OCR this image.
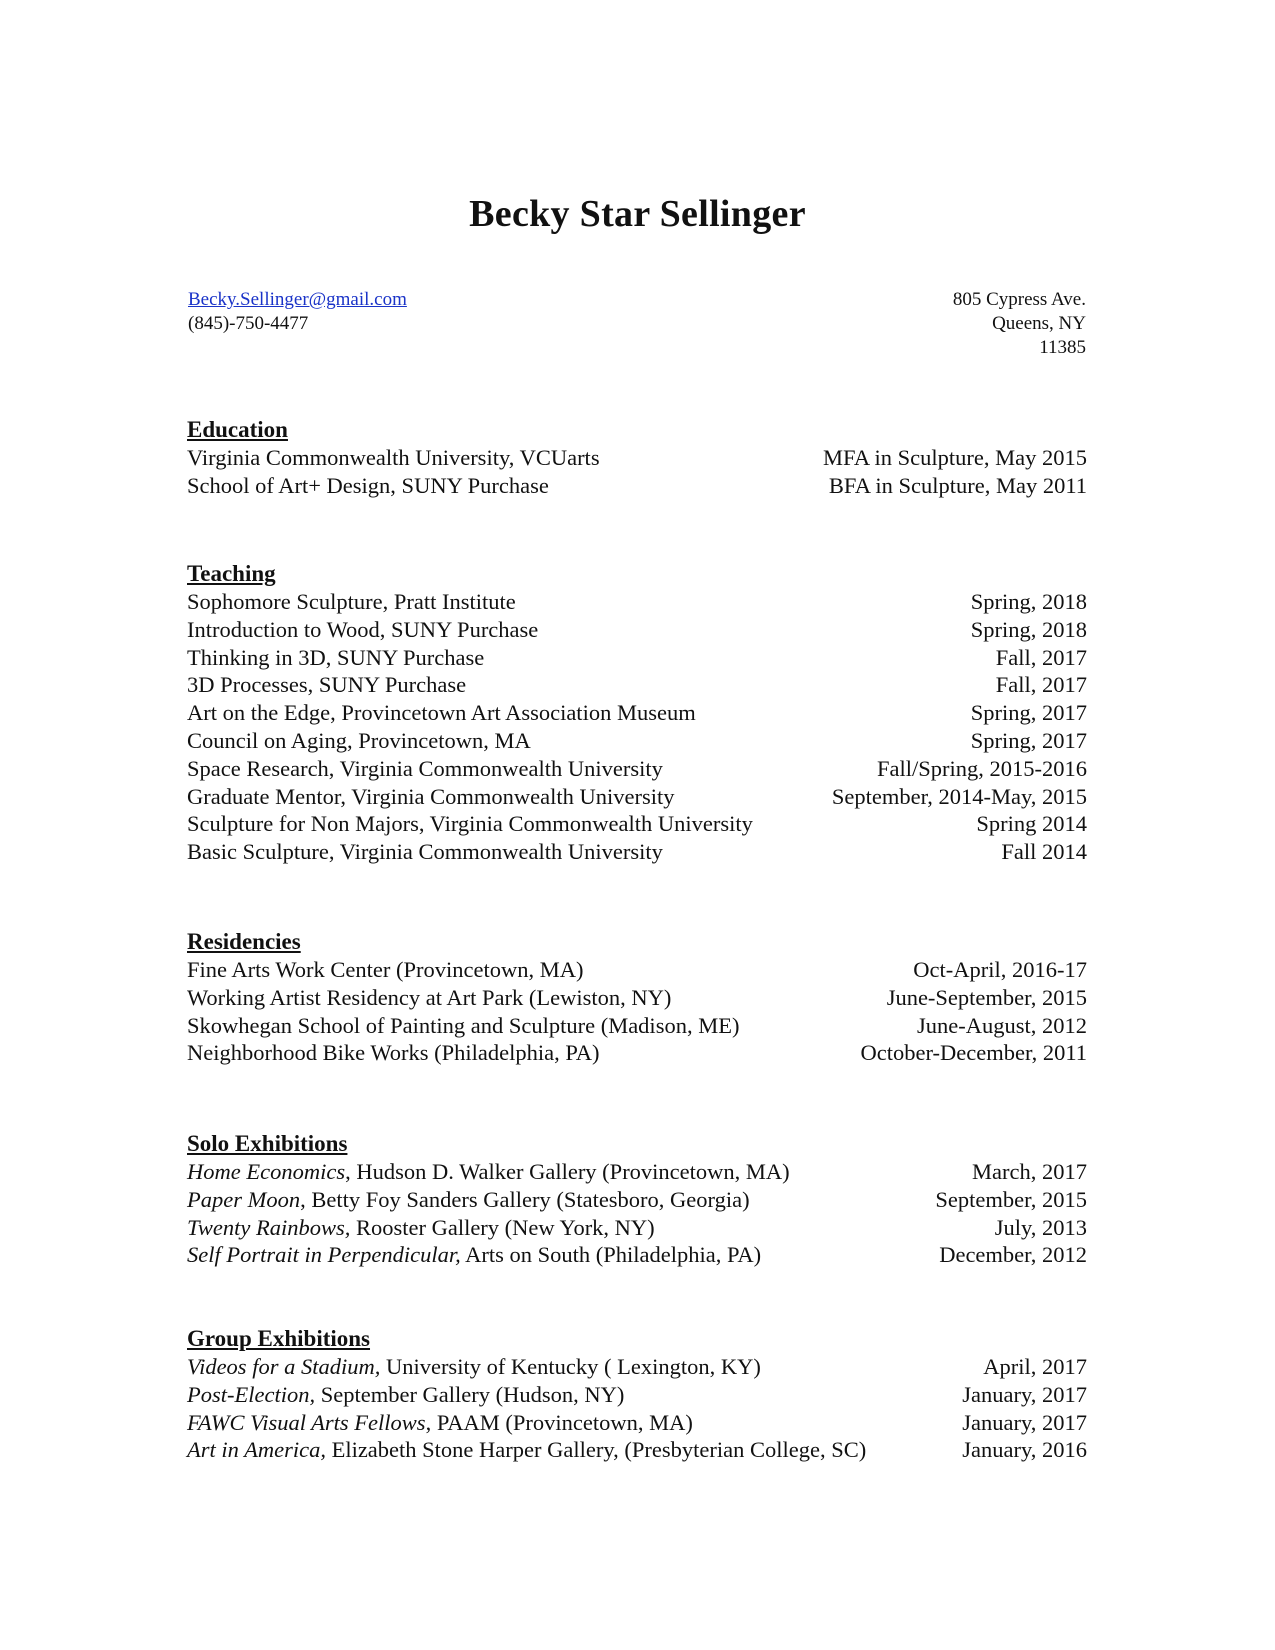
Becky Star Sellinger
Becky.Sellinger@gmail.com
(845)-750-4477
805 Cypress Ave.
Queens, NY
11385
Education
Virginia Commonwealth University, VCUarts	MFA in Sculpture, May 2015
School of Art+ Design, SUNY Purchase	BFA in Sculpture, May 2011
Teaching
Sophomore Sculpture, Pratt Institute	Spring, 2018
Introduction to Wood, SUNY Purchase	Spring, 2018
Thinking in 3D, SUNY Purchase	Fall, 2017
3D Processes, SUNY Purchase	Fall, 2017
Art on the Edge, Provincetown Art Association Museum	Spring, 2017
Council on Aging, Provincetown, MA	Spring, 2017
Space Research, Virginia Commonwealth University	Fall/Spring, 2015-2016
Graduate Mentor, Virginia Commonwealth University	September, 2014-May, 2015
Sculpture for Non Majors, Virginia Commonwealth University	Spring 2014
Basic Sculpture, Virginia Commonwealth University	Fall 2014
Residencies
Fine Arts Work Center (Provincetown, MA)	Oct-April, 2016-17
Working Artist Residency at Art Park (Lewiston, NY)	June-September, 2015
Skowhegan School of Painting and Sculpture (Madison, ME)	June-August, 2012
Neighborhood Bike Works (Philadelphia, PA)	October-December, 2011
Solo Exhibitions
Home Economics, Hudson D. Walker Gallery (Provincetown, MA)	March, 2017
Paper Moon, Betty Foy Sanders Gallery (Statesboro, Georgia)	September, 2015
Twenty Rainbows, Rooster Gallery (New York, NY)	July, 2013
Self Portrait in Perpendicular, Arts on South (Philadelphia, PA)	December, 2012
Group Exhibitions
Videos for a Stadium, University of Kentucky ( Lexington, KY)	April, 2017
Post-Election, September Gallery (Hudson, NY)	January, 2017
FAWC Visual Arts Fellows, PAAM (Provincetown, MA)	January, 2017
Art in America, Elizabeth Stone Harper Gallery, (Presbyterian College, SC)	January, 2016
